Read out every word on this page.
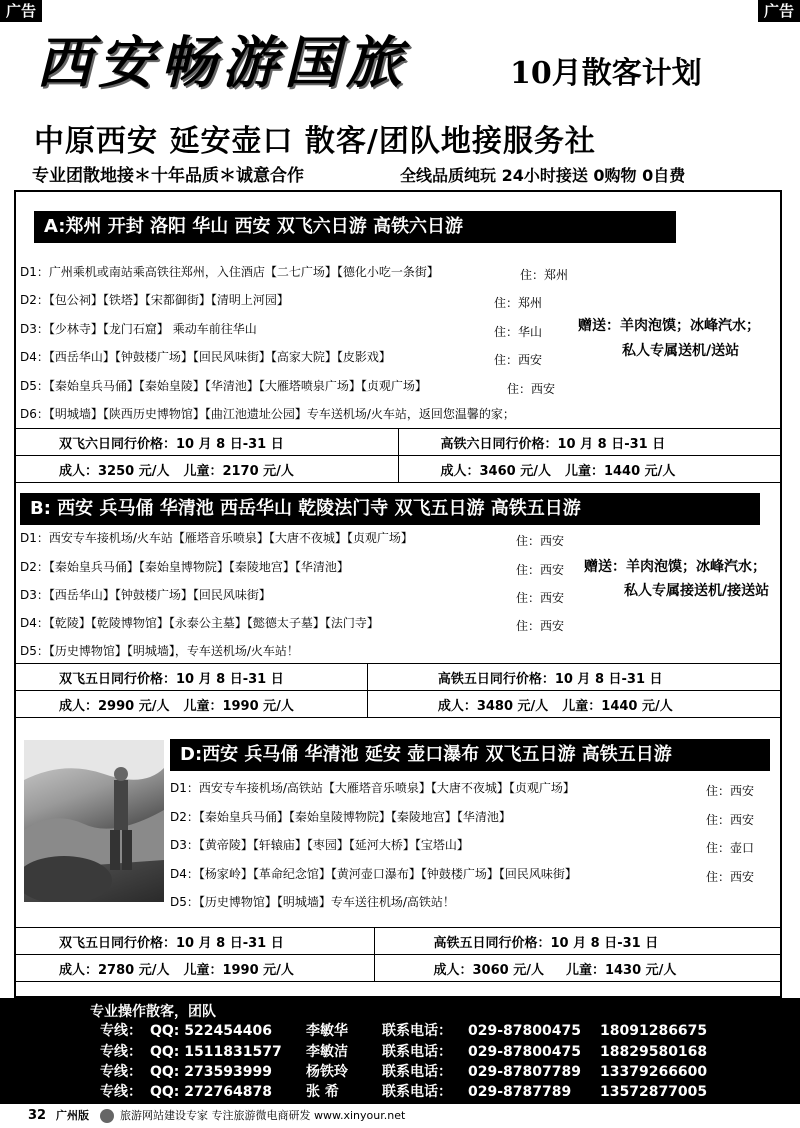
广告	广告
西安畅游国旅	10月散客计划
中原西安 延安壶口 散客/团队地接服务社
专业团散地接＊十年品质＊诚意合作	全线品质纯玩 24小时接送 0购物 0自费
A:郑州 开封 洛阳 华山 西安 双飞六日游 高铁六日游
D1：广州乘机或南站乘高铁往郑州，入住酒店【二七广场】【德化小吃一条街】	住：郑州
D2：【包公祠】【铁塔】【宋都御街】【清明上河园】	住：郑州
D3：【少林寺】【龙门石窟】 乘动车前往华山	住：华山
D4：【西岳华山】【钟鼓楼广场】【回民风味街】【高家大院】【皮影戏】	住：西安
D5：【秦始皇兵马俑】【秦始皇陵】【华清池】【大雁塔喷泉广场】【贞观广场】	住：西安
D6：【明城墙】【陕西历史博物馆】【曲江池遗址公园】专车送机场/火车站，返回您温馨的家；
赠送：羊肉泡馍；冰峰汽水；
私人专属送机/送站
双飞六日同行价格：10 月 8 日-31 日	高铁六日同行价格：10 月 8 日-31 日
成人：3250 元/人 儿童：2170 元/人	成人：3460 元/人 儿童：1440 元/人
B: 西安 兵马俑 华清池 西岳华山 乾陵法门寺 双飞五日游 高铁五日游
D1：西安专车接机场/火车站【雁塔音乐喷泉】【大唐不夜城】【贞观广场】	住：西安
D2：【秦始皇兵马俑】【秦始皇博物院】【秦陵地宫】【华清池】	住：西安
D3：【西岳华山】【钟鼓楼广场】【回民风味街】	住：西安
D4：【乾陵】【乾陵博物馆】【永泰公主墓】【懿德太子墓】【法门寺】	住：西安
D5：【历史博物馆】【明城墙】，专车送机场/火车站！
赠送：羊肉泡馍；冰峰汽水；
私人专属接送机/接送站
双飞五日同行价格：10 月 8 日-31 日	高铁五日同行价格：10 月 8 日-31 日
成人：2990 元/人 儿童：1990 元/人	成人：3480 元/人 儿童：1440 元/人
D:西安 兵马俑 华清池 延安 壶口瀑布 双飞五日游 高铁五日游
D1：西安专车接机场/高铁站【大雁塔音乐喷泉】【大唐不夜城】【贞观广场】	住：西安
D2：【秦始皇兵马俑】【秦始皇陵博物院】【秦陵地宫】【华清池】	住：西安
D3：【黄帝陵】【轩辕庙】【枣园】【延河大桥】【宝塔山】	住：壶口
D4：【杨家岭】【革命纪念馆】【黄河壶口瀑布】【钟鼓楼广场】【回民风味街】	住：西安
D5：【历史博物馆】【明城墙】专车送往机场/高铁站！
双飞五日同行价格：10 月 8 日-31 日	高铁五日同行价格：10 月 8 日-31 日
成人：2780 元/人 儿童：1990 元/人	成人：3060 元/人 儿童：1430 元/人
专业操作散客，团队
专线： QQ: 522454406 李敏华 联系电话： 029-87800475 18091286675
专线： QQ: 1511831577 李敏洁 联系电话： 029-87800475 18829580168
专线： QQ: 273593999 杨铁玲 联系电话： 029-87807789 13379266600
专线： QQ: 272764878 张 希	联系电话： 029-8787789 13572877005
32 广州版	旅游网站建设专家 专注旅游微电商研发 www.xinyour.net
